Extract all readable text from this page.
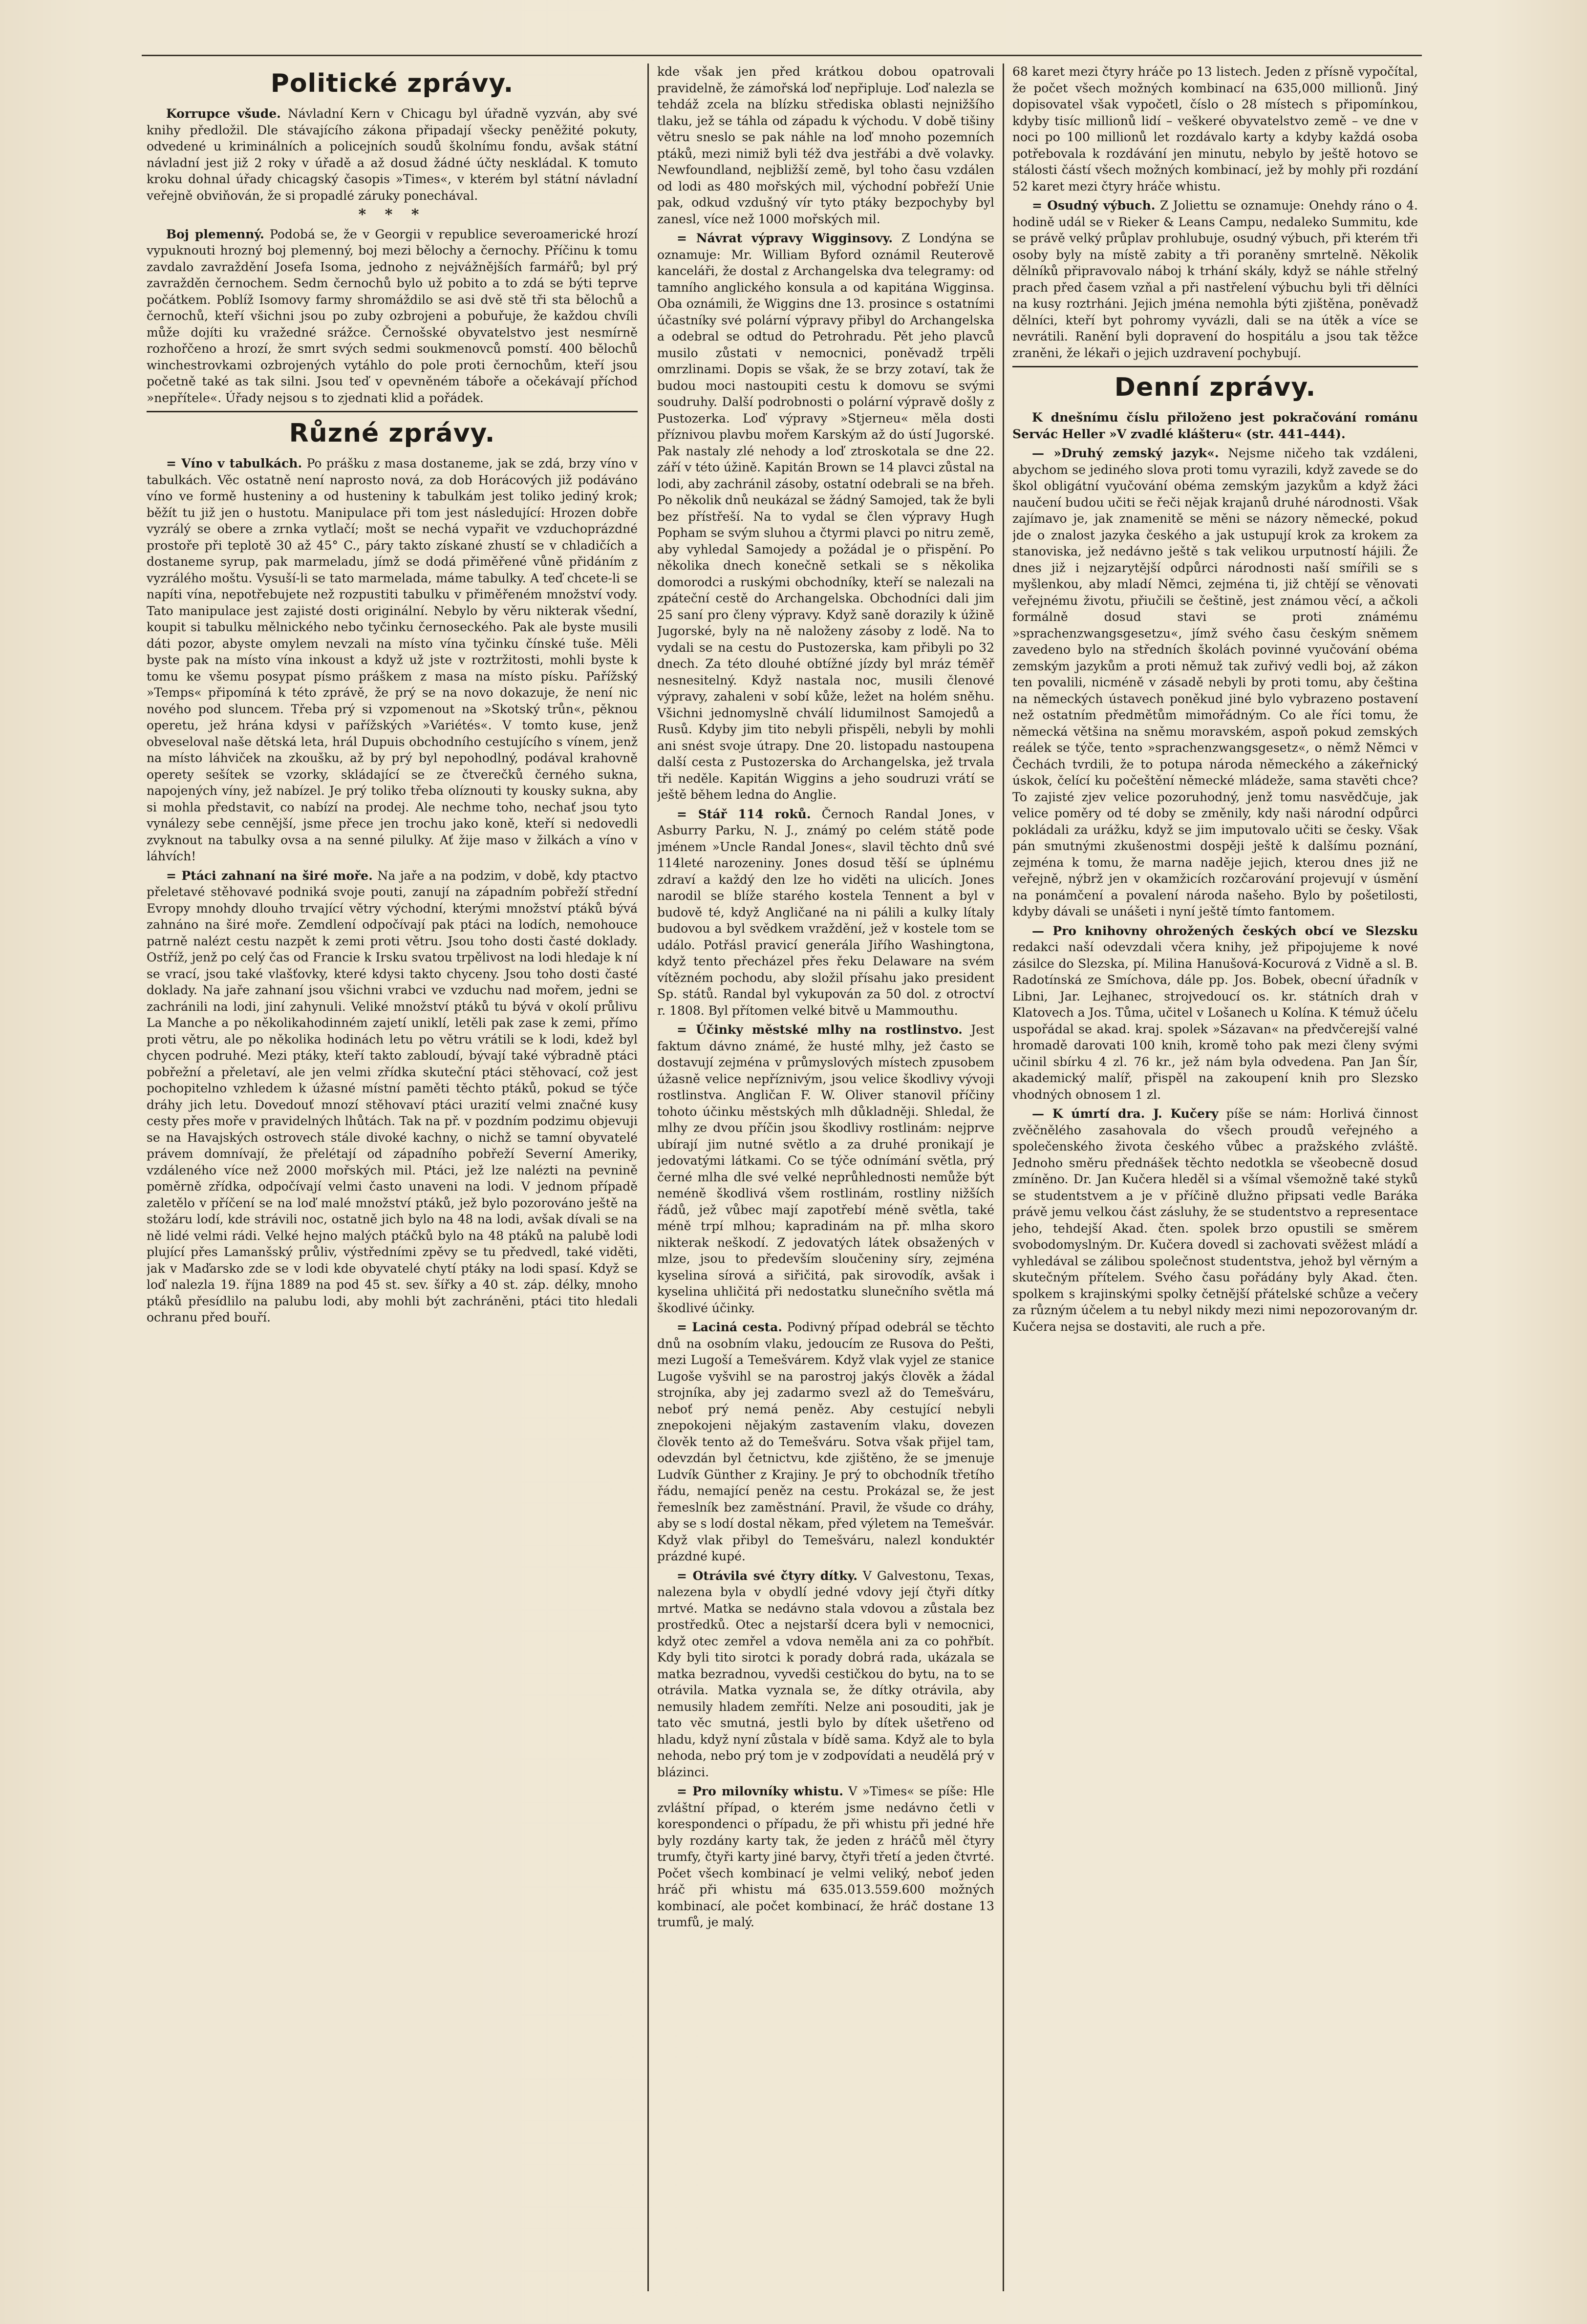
Politické zprávy.

Korrupce všude. Návladní Kern v Chicagu byl úřadně vyzván, aby své knihy předložil. Dle stávajícího zákona připadají všecky peněžité pokuty, odvedené u kriminálních a policejních soudů školnímu fondu, avšak státní návladní jest již 2 roky v úřadě a až dosud žádné účty neskládal. K tomuto kroku dohnal úřady chicagský časopis »Times«, v kterém byl státní návladní veřejně obviňován, že si propadlé záruky ponechával.

* * *

Boj plemenný. Podobá se, že v Georgii v republice severoamerické hrozí vypuknouti hrozný boj plemenný, boj mezi bělochy a černochy. Příčinu k tomu zavdalo zavraždění Josefa Isoma, jednoho z nejvážnějších farmářů; byl prý zavražděn černochem. Sedm černochů bylo už pobito a to zdá se býti teprve počátkem. Poblíž Isomovy farmy shromáždilo se asi dvě stě tři sta bělochů a černochů, kteří všichni jsou po zuby ozbrojeni a pobuřuje, že každou chvíli může dojíti ku vražedné srážce. Černošské obyvatelstvo jest nesmírně rozhořčeno a hrozí, že smrt svých sedmi soukmenovců pomstí. 400 bělochů winchestrovkami ozbrojených vytáhlo do pole proti černochům, kteří jsou početně také as tak silni. Jsou teď v opevněném táboře a očekávají příchod »nepřítele«. Úřady nejsou s to zjednati klid a pořádek.

Různé zprávy.

= Víno v tabulkách. Po prášku z masa dostaneme, jak se zdá, brzy víno v tabulkách. Věc ostatně není naprosto nová, za dob Horácových již podáváno víno ve formě husteniny a od husteniny k tabulkám jest toliko jediný krok; běžít tu již jen o hustotu. Manipulace při tom jest následující: Hrozen dobře vyzrálý se obere a zrnka vytlačí; mošt se nechá vypařit ve vzduchoprázdné prostoře při teplotě 30 až 45° C., páry takto získané zhustí se v chladičích a dostaneme syrup, pak marmeladu, jímž se dodá přiměřené vůně přidáním z vyzrálého moštu. Vysuší-li se tato marmelada, máme tabulky. A teď chcete-li se napíti vína, nepotřebujete než rozpustiti tabulku v přiměřeném množství vody. Tato manipulace jest zajisté dosti originální. Nebylo by věru nikterak všední, koupit si tabulku mělnického nebo tyčinku černoseckého. Pak ale byste musili dáti pozor, abyste omylem nevzali na místo vína tyčinku čínské tuše. Měli byste pak na místo vína inkoust a když už jste v roztržitosti, mohli byste k tomu ke všemu posypat písmo práškem z masa na místo písku. Pařížský »Temps« připomíná k této zprávě, že prý se na novo dokazuje, že není nic nového pod sluncem. Třeba prý si vzpomenout na »Skotský trůn«, pěknou operetu, jež hrána kdysi v pařížských »Variétés«. V tomto kuse, jenž obveseloval naše dětská leta, hrál Dupuis obchodního cestujícího s vínem, jenž na místo láhviček na zkoušku, až by prý byl nepohodlný, podával krahovně operety sešítek se vzorky, skládající se ze čtverečků černého sukna, napojených víny, jež nabízel. Je prý toliko třeba olíznouti ty kousky sukna, aby si mohla představit, co nabízí na prodej. Ale nechme toho, nechať jsou tyto vynálezy sebe cennější, jsme přece jen trochu jako koně, kteří si nedovedli zvyknout na tabulky ovsa a na senné pilulky. Ať žije maso v žilkách a víno v láhvích!

= Ptáci zahnaní na širé moře. Na jaře a na podzim, v době, kdy ptactvo přeletavé stěhovavé podniká svoje pouti, zanují na západním pobřeží střední Evropy mnohdy dlouho trvající větry východní, kterými množství ptáků bývá zahnáno na širé moře. Zemdlení odpočívají pak ptáci na lodích, nemohouce patrně nalézt cestu nazpět k zemi proti větru. Jsou toho dosti časté doklady. Ostříž, jenž po celý čas od Francie k Irsku svatou trpělivost na lodi hledaje k ní se vrací, jsou také vlašťovky, které kdysi takto chyceny. Jsou toho dosti časté doklady. Na jaře zahnaní jsou všichni vrabci ve vzduchu nad mořem, jedni se zachránili na lodi, jiní zahynuli. Veliké množství ptáků tu bývá v okolí průlivu La Manche a po několikahodinném zajetí uniklí, letěli pak zase k zemi, přímo proti větru, ale po několika hodinách letu po větru vrátili se k lodi, kdež byl chycen podruhé. Mezi ptáky, kteří takto zabloudí, bývají také výbradně ptáci pobřežní a přeletaví, ale jen velmi zřídka skuteční ptáci stěhovací, což jest pochopitelno vzhledem k úžasné místní paměti těchto ptáků, pokud se týče dráhy jich letu. Dovedouť mnozí stěhovaví ptáci urazití velmi značné kusy cesty přes moře v pravidelných lhůtách. Tak na př. v pozdním podzimu objevuji se na Havajských ostrovech stále divoké kachny, o nichž se tamní obyvatelé právem domnívají, že přelétají od západního pobřeží Severní Ameriky, vzdáleného více než 2000 mořských mil. Ptáci, jež lze nalézti na pevnině poměrně zřídka, odpočívají velmi často unaveni na lodi. V jednom případě zaletělo v příčení se na loď malé množství ptáků, jež bylo pozorováno ještě na stožáru lodí, kde strávili noc, ostatně jich bylo na 48 na lodi, avšak dívali se na ně lidé velmi rádi. Velké hejno malých ptáčků bylo na 48 ptáků na palubě lodi plující přes Lamanšský průliv, výstředními zpěvy se tu předvedl, také viděti, jak v Maďarsko zde se v lodi kde obyvatelé chytí ptáky na lodi spasí. Když se loď nalezla 19. října 1889 na pod 45 st. sev. šířky a 40 st. záp. délky, mnoho ptáků přesídlilo na palubu lodi, aby mohli být zachráněni, ptáci tito hledali ochranu před bouří.

kde však jen před krátkou dobou opatrovali pravidelně, že zámořská loď nepřipluje. Loď nalezla se tehdáž zcela na blízku střediska oblasti nejnižšího tlaku, jež se táhla od západu k východu. V době tišiny větru sneslo se pak náhle na loď mnoho pozemních ptáků, mezi nimiž byli též dva jestřábi a dvě volavky. Newfoundland, nejbližší země, byl toho času vzdálen od lodi as 480 mořských mil, východní pobřeží Unie pak, odkud vzdušný vír tyto ptáky bezpochyby byl zanesl, více než 1000 mořských mil.

= Návrat výpravy Wigginsovy. Z Londýna se oznamuje: Mr. William Byford oznámil Reuterově kanceláři, že dostal z Archangelska dva telegramy: od tamního anglického konsula a od kapitána Wigginsa. Oba oznámili, že Wiggins dne 13. prosince s ostatními účastníky své polární výpravy přibyl do Archangelska a odebral se odtud do Petrohradu. Pět jeho plavců musilo zůstati v nemocnici, poněvadž trpěli omrzlinami. Dopis se však, že se brzy zotaví, tak že budou moci nastoupiti cestu k domovu se svými soudruhy. Další podrobnosti o polární výpravě došly z Pustozerka. Loď výpravy »Stjerneu« měla dosti příznivou plavbu mořem Karským až do ústí Jugorské. Pak nastaly zlé nehody a loď ztroskotala se dne 22. září v této úžině. Kapitán Brown se 14 plavci zůstal na lodi, aby zachránil zásoby, ostatní odebrali se na břeh. Po několik dnů neukázal se žádný Samojed, tak že byli bez přístřeší. Na to vydal se člen výpravy Hugh Popham se svým sluhou a čtyrmi plavci po nitru země, aby vyhledal Samojedy a požádal je o přispění. Po několika dnech konečně setkali se s několika domorodci a ruskými obchodníky, kteří se nalezali na zpáteční cestě do Archangelska. Obchodníci dali jim 25 saní pro členy výpravy. Když saně dorazily k úžině Jugorské, byly na ně naloženy zásoby z lodě. Na to vydali se na cestu do Pustozerska, kam přibyli po 32 dnech. Za této dlouhé obtížné jízdy byl mráz téměř nesnesitelný. Když nastala noc, musili členové výpravy, zahaleni v sobí kůže, ležet na holém sněhu. Všichni jednomyslně chválí lidumilnost Samojedů a Rusů. Kdyby jim tito nebyli přispěli, nebyli by mohli ani snést svoje útrapy. Dne 20. listopadu nastoupena další cesta z Pustozerska do Archangelska, jež trvala tři neděle. Kapitán Wiggins a jeho soudruzi vrátí se ještě během ledna do Anglie.

= Stář 114 roků. Černoch Randal Jones, v Asburry Parku, N. J., známý po celém státě pode jménem »Uncle Randal Jones«, slavil těchto dnů své 114leté narozeniny. Jones dosud těší se úplnému zdraví a každý den lze ho viděti na ulicích. Jones narodil se blíže starého kostela Tennent a byl v budově té, když Angličané na ni pálili a kulky lítaly budovou a byl svědkem vraždění, jež v kostele tom se událo. Potřásl pravicí generála Jiřího Washingtona, když tento přecházel přes řeku Delaware na svém vítězném pochodu, aby složil přísahu jako president Sp. států. Randal byl vykupován za 50 dol. z otroctví r. 1808. Byl přítomen velké bitvě u Mammouthu.

= Účinky městské mlhy na rostlinstvo. Jest faktum dávno známé, že husté mlhy, jež často se dostavují zejména v průmyslových místech zpusobem úžasně velice nepříznivým, jsou velice škodlivy vývoji rostlinstva. Angličan F. W. Oliver stanovil příčiny tohoto účinku městských mlh důkladněji. Shledal, že mlhy ze dvou příčin jsou škodlivy rostlinám: nejprve ubírají jim nutné světlo a za druhé pronikají je jedovatými látkami. Co se týče odnímání světla, prý černé mlha dle své velké neprůhlednosti nemůže být neméně škodlivá všem rostlinám, rostliny nižších řádů, jež vůbec mají zapotřebí méně světla, také méně trpí mlhou; kapradinám na př. mlha skoro nikterak neškodí. Z jedovatých látek obsažených v mlze, jsou to především sloučeniny síry, zejména kyselina sírová a siřičitá, pak sirovodík, avšak i kyselina uhličitá při nedostatku slunečního světla má škodlivé účinky.

= Laciná cesta. Podivný případ odebrál se těchto dnů na osobním vlaku, jedoucím ze Rusova do Pešti, mezi Lugoší a Temešvárem. Když vlak vyjel ze stanice Lugoše vyšvihl se na parostroj jakýs člověk a žádal strojníka, aby jej zadarmo svezl až do Temešváru, neboť prý nemá peněz. Aby cestující nebyli znepokojeni nějakým zastavením vlaku, dovezen člověk tento až do Temešváru. Sotva však přijel tam, odevzdán byl četnictvu, kde zjištěno, že se jmenuje Ludvík Günther z Krajiny. Je prý to obchodník třetího řádu, nemající peněz na cestu. Prokázal se, že jest řemeslník bez zaměstnání. Pravil, že všude co dráhy, aby se s lodí dostal někam, před výletem na Temešvár. Když vlak přibyl do Temešváru, nalezl konduktér prázdné kupé.

= Otrávila své čtyry dítky. V Galvestonu, Texas, nalezena byla v obydlí jedné vdovy její čtyři dítky mrtvé. Matka se nedávno stala vdovou a zůstala bez prostředků. Otec a nejstarší dcera byli v nemocnici, když otec zemřel a vdova neměla ani za co pohřbít. Kdy byli tito sirotci k porady dobrá rada, ukázala se matka bezradnou, vyvedši cestičkou do bytu, na to se otrávila. Matka vyznala se, že dítky otrávila, aby nemusily hladem zemříti. Nelze ani posouditi, jak je tato věc smutná, jestli bylo by dítek ušetřeno od hladu, když nyní zůstala v bídě sama. Když ale to byla nehoda, nebo prý tom je v zodpovídati a neudělá prý v blázinci.

= Pro milovníky whistu. V »Times« se píše: Hle zvláštní případ, o kterém jsme nedávno četli v korespondenci o případu, že při whistu při jedné hře byly rozdány karty tak, že jeden z hráčů měl čtyry trumfy, čtyři karty jiné barvy, čtyři třetí a jeden čtvrté. Počet všech kombinací je velmi veliký, neboť jeden hráč při whistu má 635.013.559.600 možných kombinací, ale počet kombinací, že hráč dostane 13 trumfů, je malý.

68 karet mezi čtyry hráče po 13 listech. Jeden z přísně vypočítal, že počet všech možných kombinací na 635,000 millionů. Jiný dopisovatel však vypočetl, číslo o 28 místech s připomínkou, kdyby tisíc millionů lidí – veškeré obyvatelstvo země – ve dne v noci po 100 millionů let rozdávalo karty a kdyby každá osoba potřebovala k rozdávání jen minutu, nebylo by ještě hotovo se stálosti částí všech možných kombinací, jež by mohly při rozdání 52 karet mezi čtyry hráče whistu.

= Osudný výbuch. Z Joliettu se oznamuje: Onehdy ráno o 4. hodině udál se v Rieker & Leans Campu, nedaleko Summitu, kde se právě velký průplav prohlubuje, osudný výbuch, při kterém tři osoby byly na místě zabity a tři poraněny smrtelně. Několik dělníků připravovalo náboj k trhání skály, když se náhle střelný prach před časem vzňal a při nastřelení výbuchu byli tři dělníci na kusy roztrháni. Jejich jména nemohla býti zjištěna, poněvadž dělníci, kteří byt pohromy vyvázli, dali se na útěk a více se nevrátili. Ranění byli dopravení do hospitálu a jsou tak těžce zraněni, že lékaři o jejich uzdravení pochybují.

Denní zprávy.

K dnešnímu číslu přiloženo jest pokračování románu Servác Heller »V zvadlé klášteru« (str. 441–444).

— »Druhý zemský jazyk«. Nejsme ničeho tak vzdáleni, abychom se jediného slova proti tomu vyrazili, když zavede se do škol obligátní vyučování obéma zemským jazykům a když žáci naučení budou učiti se řeči nějak krajanů druhé národnosti. Však zajímavo je, jak znamenitě se měni se názory německé, pokud jde o znalost jazyka českého a jak ustupují krok za krokem za stanoviska, jež nedávno ještě s tak velikou urputností hájili. Že dnes již i nejzarytější odpůrci národnosti naší smířili se s myšlenkou, aby mladí Němci, zejména ti, již chtějí se věnovati veřejnému životu, přiučili se češtině, jest známou věcí, a ačkoli formálně dosud stavi se proti známému »sprachenzwangsgesetzu«, jímž svého času českým sněmem zavedeno bylo na středních školách povinné vyučování obéma zemským jazykům a proti němuž tak zuřivý vedli boj, až zákon ten povalili, nicméně v zásadě nebyli by proti tomu, aby čeština na německých ústavech poněkud jiné bylo vybrazeno postavení než ostatním předmětům mimořádným. Co ale říci tomu, že německá většina na sněmu moravském, aspoň pokud zemských reálek se týče, tento »sprachenzwangsgesetz«, o němž Němci v Čechách tvrdili, že to potupa národa německého a zákeřnický úskok, čelící ku počeštění německé mládeže, sama stavěti chce? To zajisté zjev velice pozoruhodný, jenž tomu nasvědčuje, jak velice poměry od té doby se změnily, kdy naši národní odpůrci pokládali za urážku, když se jim imputovalo učiti se česky. Však pán smutnými zkušenostmi dospěji ještě k dalšímu poznání, zejména k tomu, že marna naděje jejich, kterou dnes již ne veřejně, nýbrž jen v okamžicích rozčarování projevují v úsmění na ponámčení a povalení národa našeho. Bylo by pošetilosti, kdyby dávali se unášeti i nyní ještě tímto fantomem.

— Pro knihovny ohrožených českých obcí ve Slezsku redakci naší odevzdali včera knihy, jež připojujeme k nové zásilce do Slezska, pí. Milina Hanušová-Kocurová z Vidně a sl. B. Radotínská ze Smíchova, dále pp. Jos. Bobek, obecní úřadník v Libni, Jar. Lejhanec, strojvedoucí os. kr. státních drah v Klatovech a Jos. Tůma, učitel v Lošanech u Kolína. K témuž účelu uspořádal se akad. kraj. spolek »Sázavan« na předvčerejší valné hromadě darovati 100 knih, kromě toho pak mezi členy svými učinil sbírku 4 zl. 76 kr., jež nám byla odvedena. Pan Jan Šír, akademický malíř, přispěl na zakoupení knih pro Slezsko vhodných obnosem 1 zl.

— K úmrtí dra. J. Kučery píše se nám: Horlivá činnost zvěčnělého zasahovala do všech proudů veřejného a společenského života českého vůbec a pražského zvláště. Jednoho směru přednášek těchto nedotkla se všeobecně dosud zmíněno. Dr. Jan Kučera hleděl si a všímal všemožně také styků se studentstvem a je v příčině dlužno připsati vedle Baráka právě jemu velkou část zásluhy, že se studentstvo a representace jeho, tehdejší Akad. čten. spolek brzo opustili se směrem svobodomyslným. Dr. Kučera dovedl si zachovati svěžest mládí a vyhledával se zálibou společnost studentstva, jehož byl věrným a skutečným přítelem. Svého času pořádány byly Akad. čten. spolkem s krajinskými spolky četnější přátelské schůze a večery za různým účelem a tu nebyl nikdy mezi nimi nepozorovaným dr. Kučera nejsa se dostaviti, ale ruch a pře.
